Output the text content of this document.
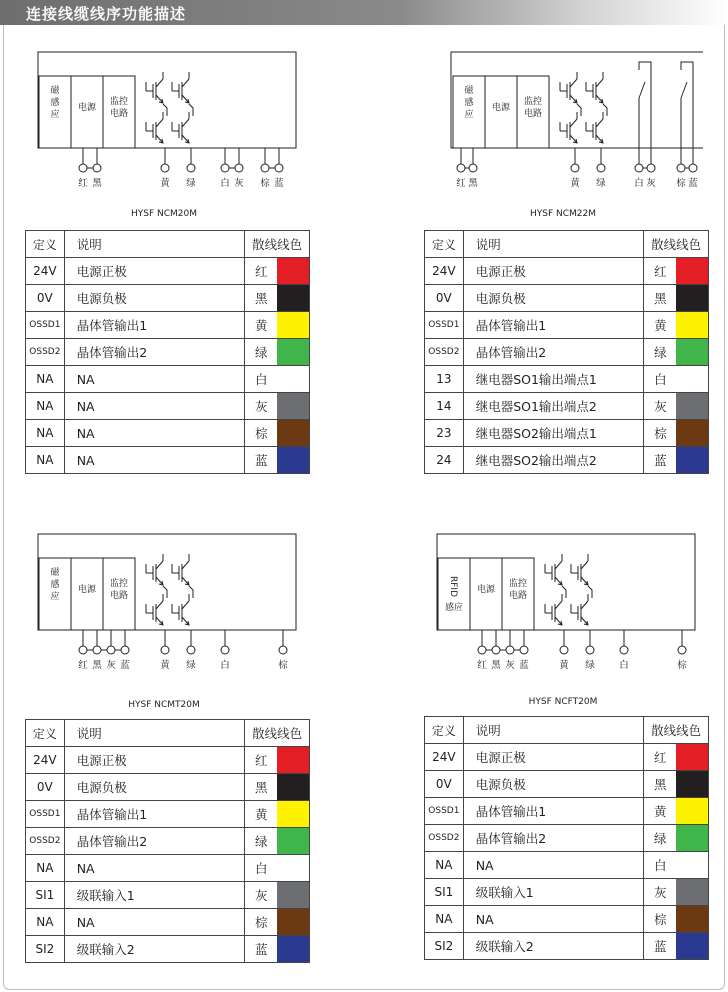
连接线缆线序功能描述
磁
感
应
电源
监控
电路
红 黑	黄 绿	白 灰 棕 蓝
HYSF NCM20M
定义	说明	散线线色	
24V	电源正极	红	
0V	电源负极	黑	
OSSD1	晶体管输出1	黄	
OSSD2	晶体管输出2	绿	
NA	NA	白	
NA	NA	灰	
NA	NA	棕	
NA	NA	蓝	
磁
感
应
电源
监控
电路
红 黑	黄 绿	白 灰 棕 蓝
HYSF NCM22M
定义	说明	散线线色	
24V	电源正极	红	
0V	电源负极	黑	
OSSD1	晶体管输出1	黄	
OSSD2	晶体管输出2	绿	
13	继电器SO1输出端点1	白	
14	继电器SO1输出端点2	灰	
23	继电器SO2输出端点1	棕	
24	继电器SO2输出端点2	蓝	
磁
感
应
电源
监控
电路
红 黑 灰 蓝	黄 绿	白	棕
HYSF NCMT20M
定义	说明	散线线色	
24V	电源正极	红	
0V	电源负极	黑	
OSSD1	晶体管输出1	黄	
OSSD2	晶体管输出2	绿	
NA	NA	白	
SI1	级联输入1	灰	
NA	NA	棕	
SI2	级联输入2	蓝	
RFID
感应
电源
监控
电路
红 黑 灰 蓝	黄 绿	白	棕
HYSF NCFT20M
定义	说明	散线线色	
24V	电源正极	红	
0V	电源负极	黑	
OSSD1	晶体管输出1	黄	
OSSD2	晶体管输出2	绿	
NA	NA	白	
SI1	级联输入1	灰	
NA	NA	棕	
SI2	级联输入2	蓝	
